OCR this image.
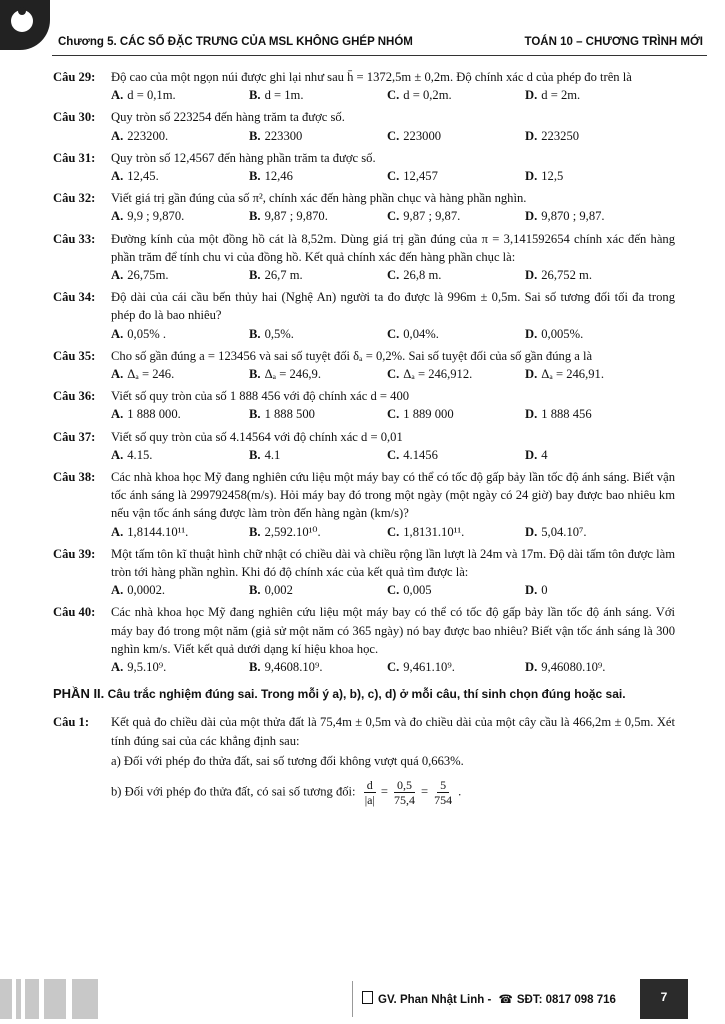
Chương 5. CÁC SỐ ĐẶC TRƯNG CỦA MSL KHÔNG GHÉP NHÓM	TOÁN 10 – CHƯƠNG TRÌNH MỚI
Câu 29:	Độ cao của một ngọn núi được ghi lại như sau h̄ = 1372,5m ± 0,2m. Độ chính xác d của phép đo trên là
A. d = 0,1m.	B. d = 1m.	C. d = 0,2m.	D. d = 2m.
Câu 30:	Quy tròn số 223254 đến hàng trăm ta được số.
A. 223200.	B. 223300	C. 223000	D. 223250
Câu 31:	Quy tròn số 12,4567 đến hàng phần trăm ta được số.
A. 12,45.	B. 12,46	C. 12,457	D. 12,5
Câu 32:	Viết giá trị gần đúng của số π², chính xác đến hàng phần chục và hàng phần nghìn.
A. 9,9 ; 9,870.	B. 9,87 ; 9,870.	C. 9,87 ; 9,87.	D. 9,870 ; 9,87.
Câu 33:	Đường kính của một đồng hồ cát là 8,52m. Dùng giá trị gần đúng của π = 3,141592654 chính xác đến hàng phần trăm để tính chu vi của đồng hồ. Kết quả chính xác đến hàng phần chục là:
A. 26,75m.	B. 26,7 m.	C. 26,8 m.	D. 26,752 m.
Câu 34:	Độ dài của cái cầu bến thủy hai (Nghệ An) người ta đo được là 996m ± 0,5m. Sai số tương đối tối đa trong phép đo là bao nhiêu?
A. 0,05% .	B. 0,5%.	C. 0,04%.	D. 0,005%.
Câu 35:	Cho số gần đúng a = 123456 và sai số tuyệt đối δₐ = 0,2%. Sai số tuyệt đối của số gần đúng a là
A. Δₐ = 246.	B. Δₐ = 246,9.	C. Δₐ = 246,912.	D. Δₐ = 246,91.
Câu 36:	Viết số quy tròn của số 1 888 456 với độ chính xác d = 400
A. 1 888 000.	B. 1 888 500	C. 1 889 000	D. 1 888 456
Câu 37:	Viết số quy tròn của số 4.14564 với độ chính xác d = 0,01
A. 4.15.	B. 4.1	C. 4.1456	D. 4
Câu 38:	Các nhà khoa học Mỹ đang nghiên cứu liệu một máy bay có thể có tốc độ gấp bảy lần tốc độ ánh sáng. Biết vận tốc ánh sáng là 299792458(m/s). Hỏi máy bay đó trong một ngày (một ngày có 24 giờ) bay được bao nhiêu km nếu vận tốc ánh sáng được làm tròn đến hàng ngàn (km/s)?
A. 1,8144.10¹¹.	B. 2,592.10¹⁰.	C. 1,8131.10¹¹.	D. 5,04.10⁷.
Câu 39:	Một tấm tôn kĩ thuật hình chữ nhật có chiều dài và chiều rộng lần lượt là 24m và 17m. Độ dài tấm tôn được làm tròn tới hàng phần nghìn. Khi đó độ chính xác của kết quả tìm được là:
A. 0,0002.	B. 0,002	C. 0,005	D. 0
Câu 40:	Các nhà khoa học Mỹ đang nghiên cứu liệu một máy bay có thể có tốc độ gấp bảy lần tốc độ ánh sáng. Với máy bay đó trong một năm (giả sử một năm có 365 ngày) nó bay được bao nhiêu? Biết vận tốc ánh sáng là 300 nghìn km/s. Viết kết quả dưới dạng kí hiệu khoa học.
A. 9,5.10⁹.	B. 9,4608.10⁹.	C. 9,461.10⁹.	D. 9,46080.10⁹.
PHẦN II. Câu trắc nghiệm đúng sai. Trong mỗi ý a), b), c), d) ở mỗi câu, thí sinh chọn đúng hoặc sai.
Câu 1:	Kết quả đo chiều dài của một thửa đất là 75,4m ± 0,5m và đo chiều dài của một cây cầu là 466,2m ± 0,5m. Xét tính đúng sai của các khẳng định sau:
a) Đối với phép đo thửa đất, sai số tương đối không vượt quá 0,663%.
b) Đối với phép đo thửa đất, có sai số tương đối: $\frac{d}{|a|} = \frac{0,5}{75,4} = \frac{5}{754}$ .
GV. Phan Nhật Linh - ☎ SĐT: 0817 098 716	7
